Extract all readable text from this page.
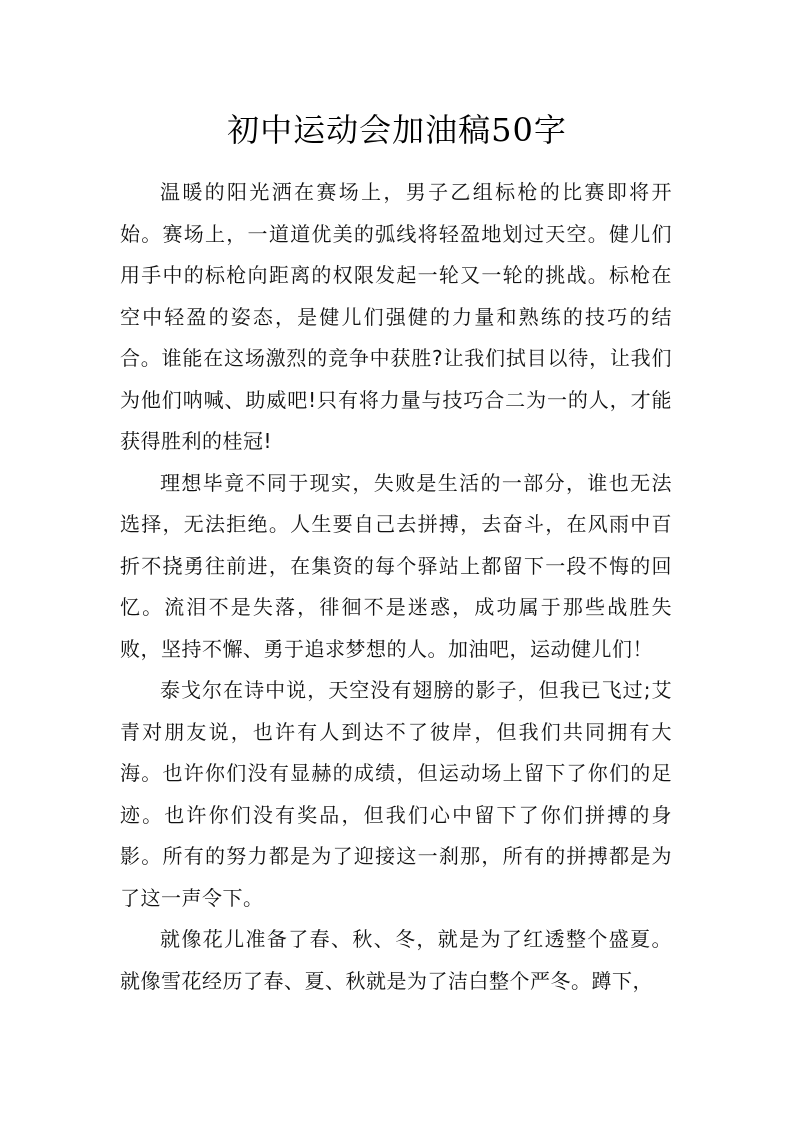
初中运动会加油稿50字

温暖的阳光洒在赛场上，男子乙组标枪的比赛即将开始。赛场上，一道道优美的弧线将轻盈地划过天空。健儿们用手中的标枪向距离的权限发起一轮又一轮的挑战。标枪在空中轻盈的姿态，是健儿们强健的力量和熟练的技巧的结合。谁能在这场激烈的竞争中获胜?让我们拭目以待，让我们为他们呐喊、助威吧!只有将力量与技巧合二为一的人，才能获得胜利的桂冠!

理想毕竟不同于现实，失败是生活的一部分，谁也无法选择，无法拒绝。人生要自己去拼搏，去奋斗，在风雨中百折不挠勇往前进，在集资的每个驿站上都留下一段不悔的回忆。流泪不是失落，徘徊不是迷惑，成功属于那些战胜失败，坚持不懈、勇于追求梦想的人。加油吧，运动健儿们！

泰戈尔在诗中说，天空没有翅膀的影子，但我已飞过;艾青对朋友说，也许有人到达不了彼岸，但我们共同拥有大海。也许你们没有显赫的成绩，但运动场上留下了你们的足迹。也许你们没有奖品，但我们心中留下了你们拼搏的身影。所有的努力都是为了迎接这一刹那，所有的拼搏都是为了这一声令下。

就像花儿准备了春、秋、冬，就是为了红透整个盛夏。就像雪花经历了春、夏、秋就是为了洁白整个严冬。蹲下，
